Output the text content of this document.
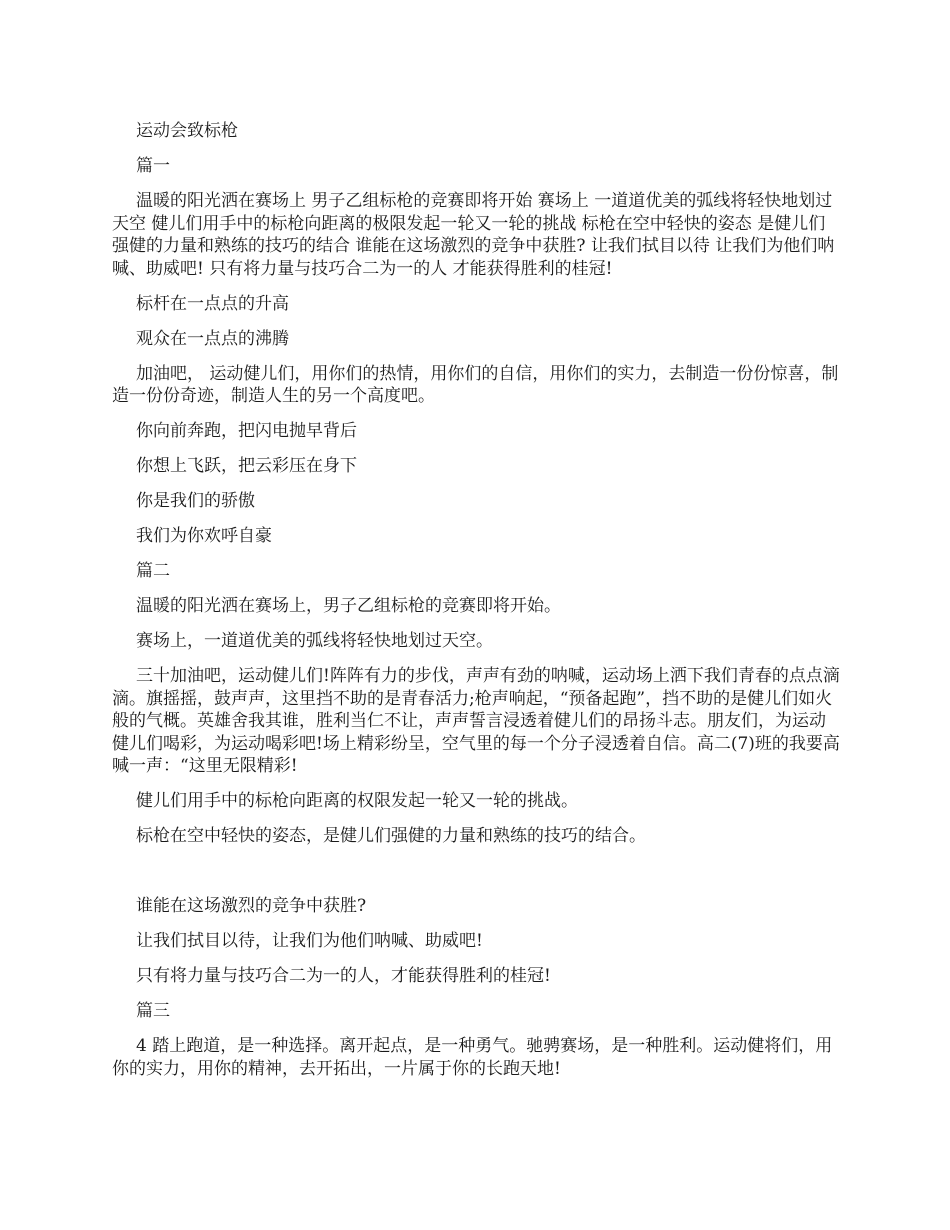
运动会致标枪

篇一

温暖的阳光洒在赛场上 男子乙组标枪的竞赛即将开始 赛场上 一道道优美的弧线将轻快地划过天空 健儿们用手中的标枪向距离的极限发起一轮又一轮的挑战 标枪在空中轻快的姿态 是健儿们强健的力量和熟练的技巧的结合 谁能在这场激烈的竞争中获胜? 让我们拭目以待 让我们为他们呐喊、助威吧! 只有将力量与技巧合二为一的人 才能获得胜利的桂冠!

标杆在一点点的升高

观众在一点点的沸腾

加油吧， 运动健儿们，用你们的热情，用你们的自信，用你们的实力，去制造一份份惊喜，制造一份份奇迹，制造人生的另一个高度吧。

你向前奔跑，把闪电抛早背后

你想上飞跃，把云彩压在身下

你是我们的骄傲

我们为你欢呼自豪

篇二

温暖的阳光洒在赛场上，男子乙组标枪的竞赛即将开始。

赛场上，一道道优美的弧线将轻快地划过天空。

三十加油吧，运动健儿们!阵阵有力的步伐，声声有劲的呐喊，运动场上洒下我们青春的点点滴滴。旗摇摇，鼓声声，这里挡不助的是青春活力;枪声响起，“预备起跑”，挡不助的是健儿们如火般的气概。英雄舍我其谁，胜利当仁不让，声声誓言浸透着健儿们的昂扬斗志。朋友们，为运动健儿们喝彩，为运动喝彩吧!场上精彩纷呈，空气里的每一个分子浸透着自信。高二(7)班的我要高喊一声：“这里无限精彩!

健儿们用手中的标枪向距离的权限发起一轮又一轮的挑战。

标枪在空中轻快的姿态，是健儿们强健的力量和熟练的技巧的结合。

谁能在这场激烈的竞争中获胜?

让我们拭目以待，让我们为他们呐喊、助威吧!

只有将力量与技巧合二为一的人，才能获得胜利的桂冠!

篇三

4 踏上跑道，是一种选择。离开起点，是一种勇气。驰骋赛场，是一种胜利。运动健将们，用你的实力，用你的精神，去开拓出，一片属于你的长跑天地!
